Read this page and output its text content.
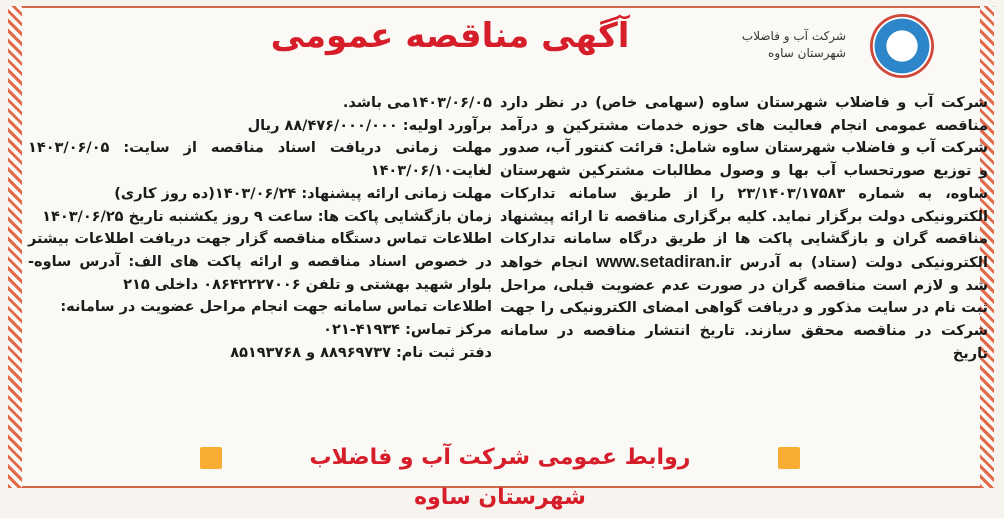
شرکت آب و فاضلاب
شهرستان ساوه
آگهی مناقصه عمومی

شرکت آب و فاضلاب شهرستان ساوه (سهامی خاص) در نظر دارد مناقصه عمومی انجام فعالیت های حوزه خدمات مشترکین و درآمد شرکت آب و فاضلاب شهرستان ساوه شامل: قرائت کنتور آب، صدور و توزیع صورتحساب آب بها و وصول مطالبات مشترکین شهرستان ساوه، به شماره ۲۳/۱۴۰۳/۱۷۵۸۳ را از طریق سامانه تدارکات الکترونیکی دولت برگزار نماید. کلیه برگزاری مناقصه تا ارائه پیشنهاد مناقصه گران و بازگشایی پاکت ها از طریق درگاه سامانه تدارکات الکترونیکی دولت (ستاد) به آدرس www.setadiran.ir انجام خواهد شد و لازم است مناقصه گران در صورت عدم عضویت قبلی، مراحل ثبت نام در سایت مذکور و دریافت گواهی امضای الکترونیکی را جهت شرکت در مناقصه محقق سازند. تاریخ انتشار مناقصه در سامانه تاریخ

۱۴۰۳/۰۶/۰۵می باشد.

برآورد اولیه: ۸۸/۴۷۶/۰۰۰/۰۰۰ ریال

مهلت زمانی دریافت اسناد مناقصه از سایت: ۱۴۰۳/۰۶/۰۵ لغایت۱۴۰۳/۰۶/۱۰

مهلت زمانی ارائه پیشنهاد: ۱۴۰۳/۰۶/۲۴(ده روز کاری)

زمان بازگشایی پاکت ها: ساعت ۹ روز یکشنبه تاریخ ۱۴۰۳/۰۶/۲۵

اطلاعات تماس دستگاه مناقصه گزار جهت دریافت اطلاعات بیشتر در خصوص اسناد مناقصه و ارائه پاکت های الف: آدرس ساوه- بلوار شهید بهشتی و تلفن ۰۸۶۴۲۲۲۷۰۰۶ داخلی ۲۱۵

اطلاعات تماس سامانه جهت انجام مراحل عضویت در سامانه:

مرکز تماس: ۴۱۹۳۴-۰۲۱

دفتر ثبت نام: ۸۸۹۶۹۷۳۷ و ۸۵۱۹۳۷۶۸

روابط عمومی شرکت آب و فاضلاب شهرستان ساوه
